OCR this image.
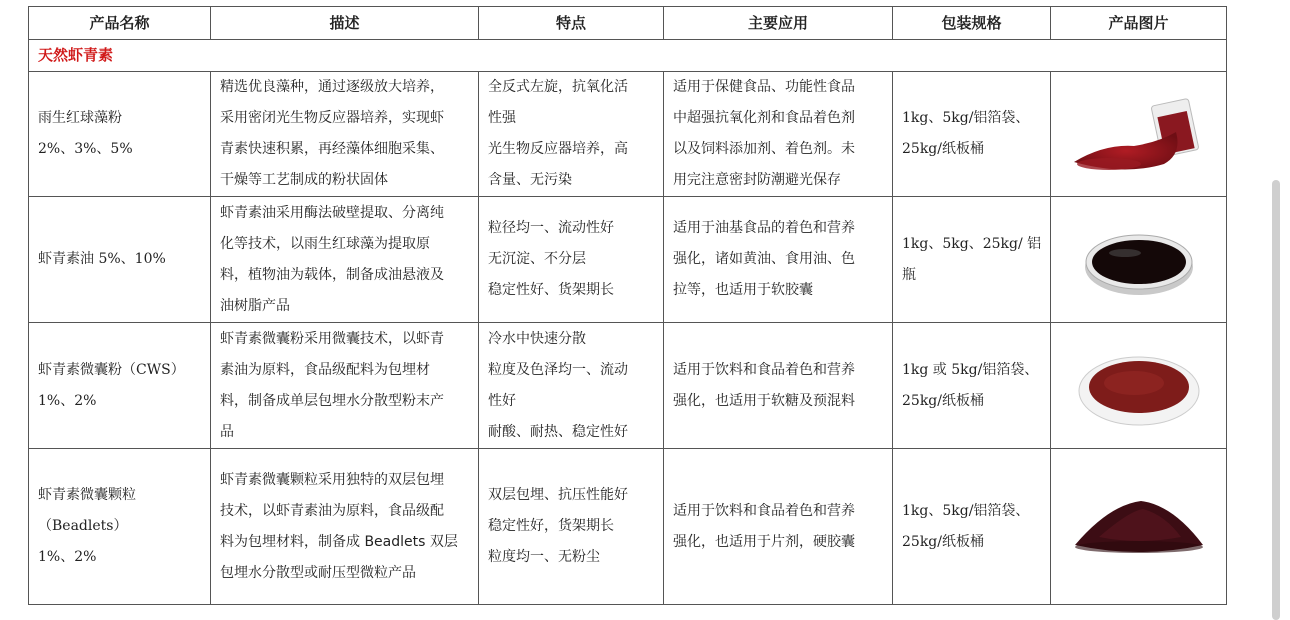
产品名称	描述	特点	主要应用	包装规格	产品图片
天然虾青素					

雨生红球藻粉
2%、3%、5%	精选优良藻种，通过逐级放大培养，
采用密闭光生物反应器培养，实现虾
青素快速积累，再经藻体细胞采集、
干燥等工艺制成的粉状固体	全反式左旋，抗氧化活
性强
光生物反应器培养，高
含量、无污染	适用于保健食品、功能性食品
中超强抗氧化剂和食品着色剂
以及饲料添加剂、着色剂。未
用完注意密封防潮避光保存	1kg、5kg/铝箔袋、
25kg/纸板桶

虾青素油 5%、10%	虾青素油采用酶法破壁提取、分离纯
化等技术，以雨生红球藻为提取原
料，植物油为载体，制备成油悬液及
油树脂产品	粒径均一、流动性好
无沉淀、不分层
稳定性好、货架期长	适用于油基食品的着色和营养
强化，诸如黄油、食用油、色
拉等，也适用于软胶囊	1kg、5kg、25kg/ 铝
瓶

虾青素微囊粉（CWS）
1%、2%	虾青素微囊粉采用微囊技术，以虾青
素油为原料，食品级配料为包埋材
料，制备成单层包埋水分散型粉末产
品	冷水中快速分散
粒度及色泽均一、流动
性好
耐酸、耐热、稳定性好	适用于饮料和食品着色和营养
强化，也适用于软糖及预混料	1kg 或 5kg/铝箔袋、
25kg/纸板桶

虾青素微囊颗粒
（Beadlets）
1%、2%	虾青素微囊颗粒采用独特的双层包埋
技术，以虾青素油为原料，食品级配
料为包埋材料，制备成 Beadlets 双层
包埋水分散型或耐压型微粒产品	双层包埋、抗压性能好
稳定性好，货架期长
粒度均一、无粉尘	适用于饮料和食品着色和营养
强化，也适用于片剂，硬胶囊	1kg、5kg/铝箔袋、
25kg/纸板桶
